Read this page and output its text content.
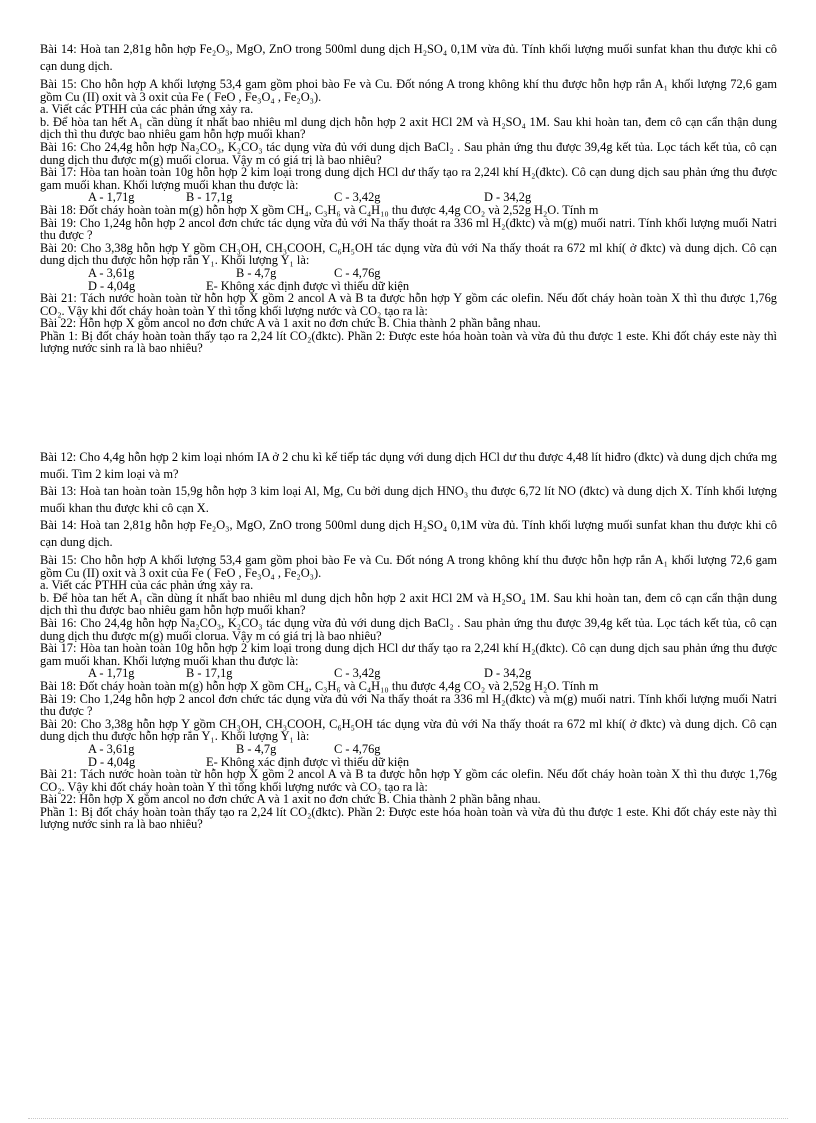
Bài 14: Hoà tan 2,81g hỗn hợp Fe₂O₃, MgO, ZnO trong 500ml dung dịch H₂SO₄ 0,1M vừa đủ. Tính khối lượng muối sunfat khan thu được khi cô cạn dung dịch.

Bài 15: Cho hỗn hợp A khối lượng 53,4 gam gồm phoi bào Fe và Cu. Đốt nóng A trong không khí thu được hỗn hợp rắn A₁ khối lượng 72,6 gam gồm Cu (II) oxit và 3 oxit của Fe ( FeO , Fe₃O₄ , Fe₂O₃).

a. Viết các PTHH của các phản ứng xảy ra.

b. Để hòa tan hết A₁ cần dùng ít nhất bao nhiêu ml dung dịch hỗn hợp 2 axit HCl 2M và H₂SO₄ 1M. Sau khi hoàn tan, đem cô cạn cẩn thận dung dịch thì thu được bao nhiêu gam hỗn hợp muối khan?

Bài 16: Cho 24,4g hỗn hợp Na₂CO₃, K₂CO₃ tác dụng vừa đủ với dung dịch BaCl₂ . Sau phản ứng thu được 39,4g kết tủa. Lọc tách kết tủa, cô cạn dung dịch thu được m(g) muối clorua. Vậy m có giá trị là bao nhiêu?

Bài 17: Hòa tan hoàn toàn 10g hỗn hợp 2 kim loại trong dung dịch HCl dư thấy tạo ra 2,24l khí H₂(đktc). Cô cạn dung dịch sau phản ứng thu được gam muối khan. Khối lượng muối khan thu được là:

A - 1,71g	B - 17,1g	C - 3,42g	D - 34,2g

Bài 18: Đốt cháy hoàn toàn m(g) hỗn hợp X gồm CH₄, C₃H₆ và C₄H₁₀ thu được 4,4g CO₂ và 2,52g H₂O. Tính m

Bài 19: Cho 1,24g hỗn hợp 2 ancol đơn chức tác dụng vừa đủ với Na thấy thoát ra 336 ml H₂(đktc) và m(g) muối natri. Tính khối lượng muối Natri thu được ?

Bài 20: Cho 3,38g hỗn hợp Y gồm CH₃OH, CH₃COOH, C₆H₅OH tác dụng vừa đủ với Na thấy thoát ra 672 ml khí( ở đktc) và dung dịch. Cô cạn dung dịch thu được hỗn hợp rắn Y₁. Khối lượng Y₁ là:

A - 3,61g	B - 4,7g	C - 4,76g
D - 4,04g	E- Không xác định được vì thiếu dữ kiện

Bài 21: Tách nước hoàn toàn từ hỗn hợp X gồm 2 ancol A và B ta được hỗn hợp Y gồm các olefin. Nếu đốt cháy hoàn toàn X thì thu được 1,76g CO₂. Vậy khi đốt cháy hoàn toàn Y thì tổng khối lượng nước và CO₂ tạo ra là:

Bài 22: Hỗn hợp X gồm ancol no đơn chức A và 1 axit no đơn chức B. Chia thành 2 phần bằng nhau.

Phần 1: Bị đốt cháy hoàn toàn thấy tạo ra 2,24 lít CO₂(đktc). Phần 2: Được este hóa hoàn toàn và vừa đủ thu được 1 este. Khi đốt cháy este này thì lượng nước sinh ra là bao nhiêu?

Bài 12: Cho 4,4g hỗn hợp 2 kim loại nhóm IA ở 2 chu kì kế tiếp tác dụng với dung dịch HCl dư thu được 4,48 lít hiđro (đktc) và dung dịch chứa mg muối. Tìm 2 kim loại và m?

Bài 13: Hoà tan hoàn toàn 15,9g hỗn hợp 3 kim loại Al, Mg, Cu bởi dung dịch HNO₃ thu được 6,72 lít NO (đktc) và dung dịch X. Tính khối lượng muối khan thu được khi cô cạn X.

Bài 14: Hoà tan 2,81g hỗn hợp Fe₂O₃, MgO, ZnO trong 500ml dung dịch H₂SO₄ 0,1M vừa đủ. Tính khối lượng muối sunfat khan thu được khi cô cạn dung dịch.

Bài 15: Cho hỗn hợp A khối lượng 53,4 gam gồm phoi bào Fe và Cu. Đốt nóng A trong không khí thu được hỗn hợp rắn A₁ khối lượng 72,6 gam gồm Cu (II) oxit và 3 oxit của Fe ( FeO , Fe₃O₄ , Fe₂O₃).

a. Viết các PTHH của các phản ứng xảy ra.

b. Để hòa tan hết A₁ cần dùng ít nhất bao nhiêu ml dung dịch hỗn hợp 2 axit HCl 2M và H₂SO₄ 1M. Sau khi hoàn tan, đem cô cạn cẩn thận dung dịch thì thu được bao nhiêu gam hỗn hợp muối khan?

Bài 16: Cho 24,4g hỗn hợp Na₂CO₃, K₂CO₃ tác dụng vừa đủ với dung dịch BaCl₂ . Sau phản ứng thu được 39,4g kết tủa. Lọc tách kết tủa, cô cạn dung dịch thu được m(g) muối clorua. Vậy m có giá trị là bao nhiêu?

Bài 17: Hòa tan hoàn toàn 10g hỗn hợp 2 kim loại trong dung dịch HCl dư thấy tạo ra 2,24l khí H₂(đktc). Cô cạn dung dịch sau phản ứng thu được gam muối khan. Khối lượng muối khan thu được là:

A - 1,71g	B - 17,1g	C - 3,42g	D - 34,2g

Bài 18: Đốt cháy hoàn toàn m(g) hỗn hợp X gồm CH₄, C₃H₆ và C₄H₁₀ thu được 4,4g CO₂ và 2,52g H₂O. Tính m

Bài 19: Cho 1,24g hỗn hợp 2 ancol đơn chức tác dụng vừa đủ với Na thấy thoát ra 336 ml H₂(đktc) và m(g) muối natri. Tính khối lượng muối Natri thu được ?

Bài 20: Cho 3,38g hỗn hợp Y gồm CH₃OH, CH₃COOH, C₆H₅OH tác dụng vừa đủ với Na thấy thoát ra 672 ml khí( ở đktc) và dung dịch. Cô cạn dung dịch thu được hỗn hợp rắn Y₁. Khối lượng Y₁ là:

A - 3,61g	B - 4,7g	C - 4,76g
D - 4,04g	E- Không xác định được vì thiếu dữ kiện

Bài 21: Tách nước hoàn toàn từ hỗn hợp X gồm 2 ancol A và B ta được hỗn hợp Y gồm các olefin. Nếu đốt cháy hoàn toàn X thì thu được 1,76g CO₂. Vậy khi đốt cháy hoàn toàn Y thì tổng khối lượng nước và CO₂ tạo ra là:

Bài 22: Hỗn hợp X gồm ancol no đơn chức A và 1 axit no đơn chức B. Chia thành 2 phần bằng nhau.

Phần 1: Bị đốt cháy hoàn toàn thấy tạo ra 2,24 lít CO₂(đktc). Phần 2: Được este hóa hoàn toàn và vừa đủ thu được 1 este. Khi đốt cháy este này thì lượng nước sinh ra là bao nhiêu?
